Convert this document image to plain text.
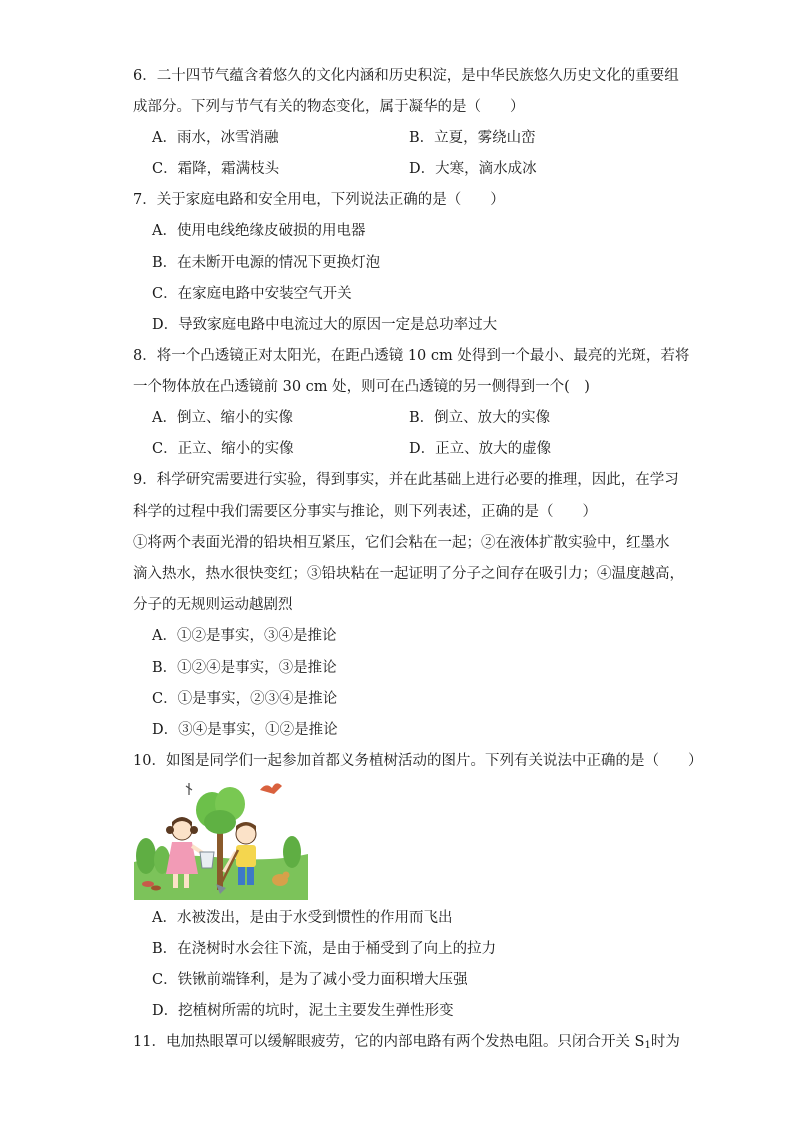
6．二十四节气蕴含着悠久的文化内涵和历史积淀，是中华民族悠久历史文化的重要组
成部分。下列与节气有关的物态变化，属于凝华的是（　　）
A．雨水，冰雪消融	B．立夏，雾绕山峦
C．霜降，霜满枝头	D．大寒，滴水成冰
7．关于家庭电路和安全用电，下列说法正确的是（　　）
A．使用电线绝缘皮破损的用电器
B．在未断开电源的情况下更换灯泡
C．在家庭电路中安装空气开关
D．导致家庭电路中电流过大的原因一定是总功率过大
8．将一个凸透镜正对太阳光，在距凸透镜 10 cm 处得到一个最小、最亮的光斑，若将
一个物体放在凸透镜前 30 cm 处，则可在凸透镜的另一侧得到一个(　)
A．倒立、缩小的实像	B．倒立、放大的实像
C．正立、缩小的实像	D．正立、放大的虚像
9．科学研究需要进行实验，得到事实，并在此基础上进行必要的推理，因此，在学习
科学的过程中我们需要区分事实与推论，则下列表述，正确的是（　　）
①将两个表面光滑的铅块相互紧压，它们会粘在一起；②在液体扩散实验中，红墨水
滴入热水，热水很快变红；③铅块粘在一起证明了分子之间存在吸引力；④温度越高，
分子的无规则运动越剧烈
A．①②是事实，③④是推论
B．①②④是事实，③是推论
C．①是事实，②③④是推论
D．③④是事实，①②是推论
10．如图是同学们一起参加首都义务植树活动的图片。下列有关说法中正确的是（　　）
A．水被泼出，是由于水受到惯性的作用而飞出
B．在浇树时水会往下流，是由于桶受到了向上的拉力
C．铁锹前端锋利，是为了减小受力面积增大压强
D．挖植树所需的坑时，泥土主要发生弹性形变
11．电加热眼罩可以缓解眼疲劳，它的内部电路有两个发热电阻。只闭合开关 $S_1$时为
